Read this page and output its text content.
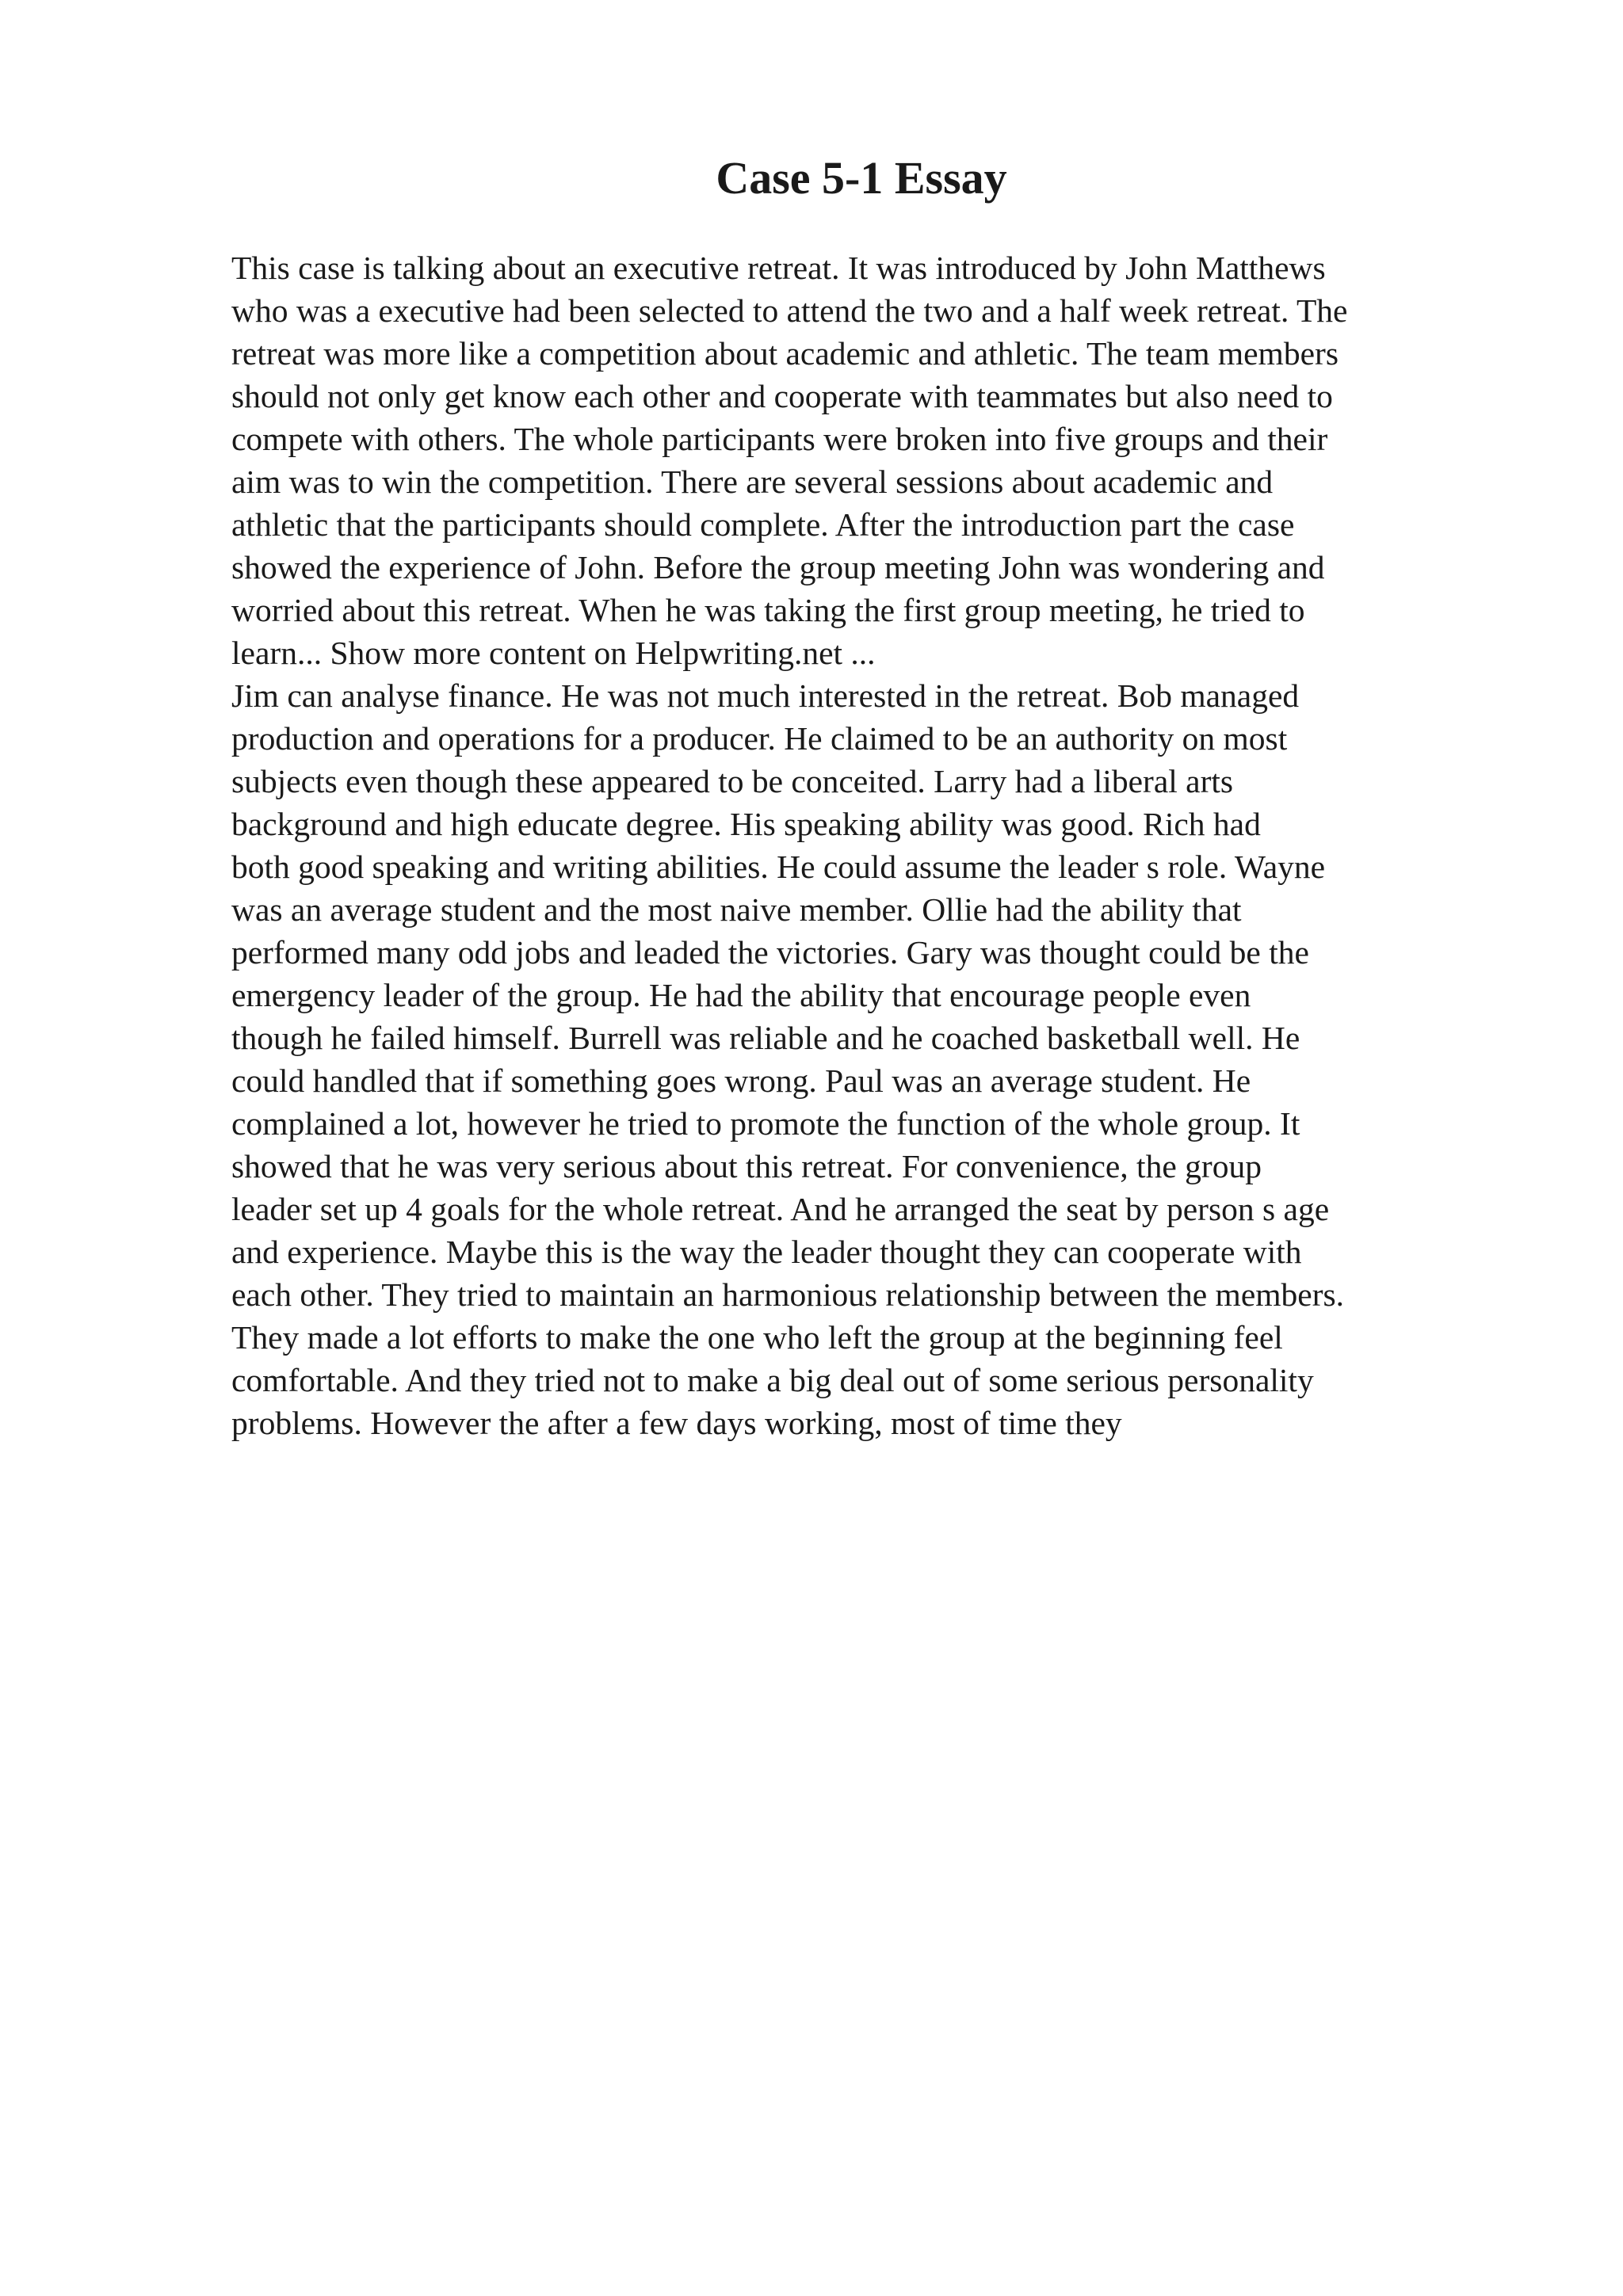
Case 5-1 Essay
This case is talking about an executive retreat. It was introduced by John Matthews
who was a executive had been selected to attend the two and a half week retreat. The
retreat was more like a competition about academic and athletic. The team members
should not only get know each other and cooperate with teammates but also need to
compete with others. The whole participants were broken into five groups and their
aim was to win the competition. There are several sessions about academic and
athletic that the participants should complete. After the introduction part the case
showed the experience of John. Before the group meeting John was wondering and
worried about this retreat. When he was taking the first group meeting, he tried to
learn... Show more content on Helpwriting.net ...
Jim can analyse finance. He was not much interested in the retreat. Bob managed
production and operations for a producer. He claimed to be an authority on most
subjects even though these appeared to be conceited. Larry had a liberal arts
background and high educate degree. His speaking ability was good. Rich had
both good speaking and writing abilities. He could assume the leader s role. Wayne
was an average student and the most naive member. Ollie had the ability that
performed many odd jobs and leaded the victories. Gary was thought could be the
emergency leader of the group. He had the ability that encourage people even
though he failed himself. Burrell was reliable and he coached basketball well. He
could handled that if something goes wrong. Paul was an average student. He
complained a lot, however he tried to promote the function of the whole group. It
showed that he was very serious about this retreat. For convenience, the group
leader set up 4 goals for the whole retreat. And he arranged the seat by person s age
and experience. Maybe this is the way the leader thought they can cooperate with
each other. They tried to maintain an harmonious relationship between the members.
They made a lot efforts to make the one who left the group at the beginning feel
comfortable. And they tried not to make a big deal out of some serious personality
problems. However the after a few days working, most of time they
